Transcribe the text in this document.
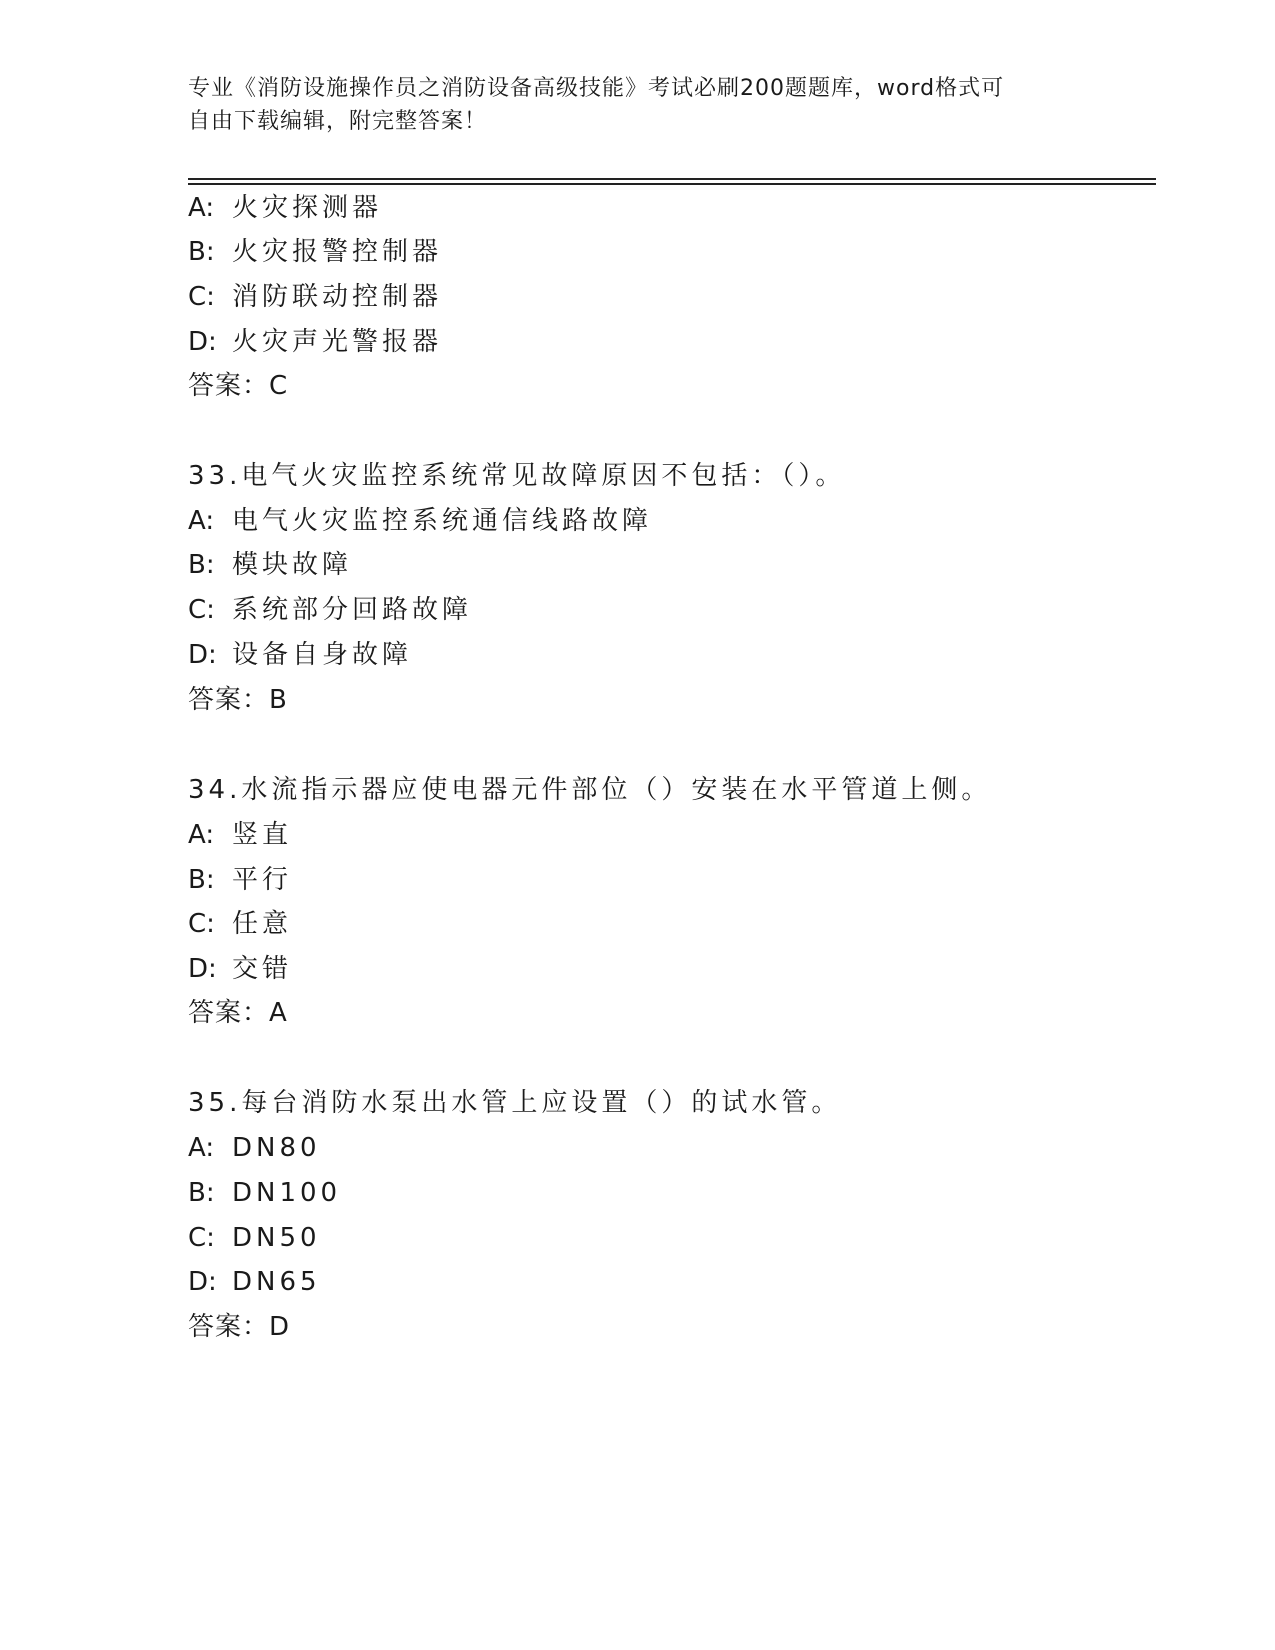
专业《消防设施操作员之消防设备高级技能》考试必刷200题题库，word格式可
自由下载编辑，附完整答案！
A: 火灾探测器
B: 火灾报警控制器
C: 消防联动控制器
D: 火灾声光警报器
答案：C
33.电气火灾监控系统常见故障原因不包括：（）。
A: 电气火灾监控系统通信线路故障
B: 模块故障
C: 系统部分回路故障
D: 设备自身故障
答案：B
34.水流指示器应使电器元件部位（）安装在水平管道上侧。
A: 竖直
B: 平行
C: 任意
D: 交错
答案：A
35.每台消防水泵出水管上应设置（）的试水管。
A: DN80
B: DN100
C: DN50
D: DN65
答案：D
